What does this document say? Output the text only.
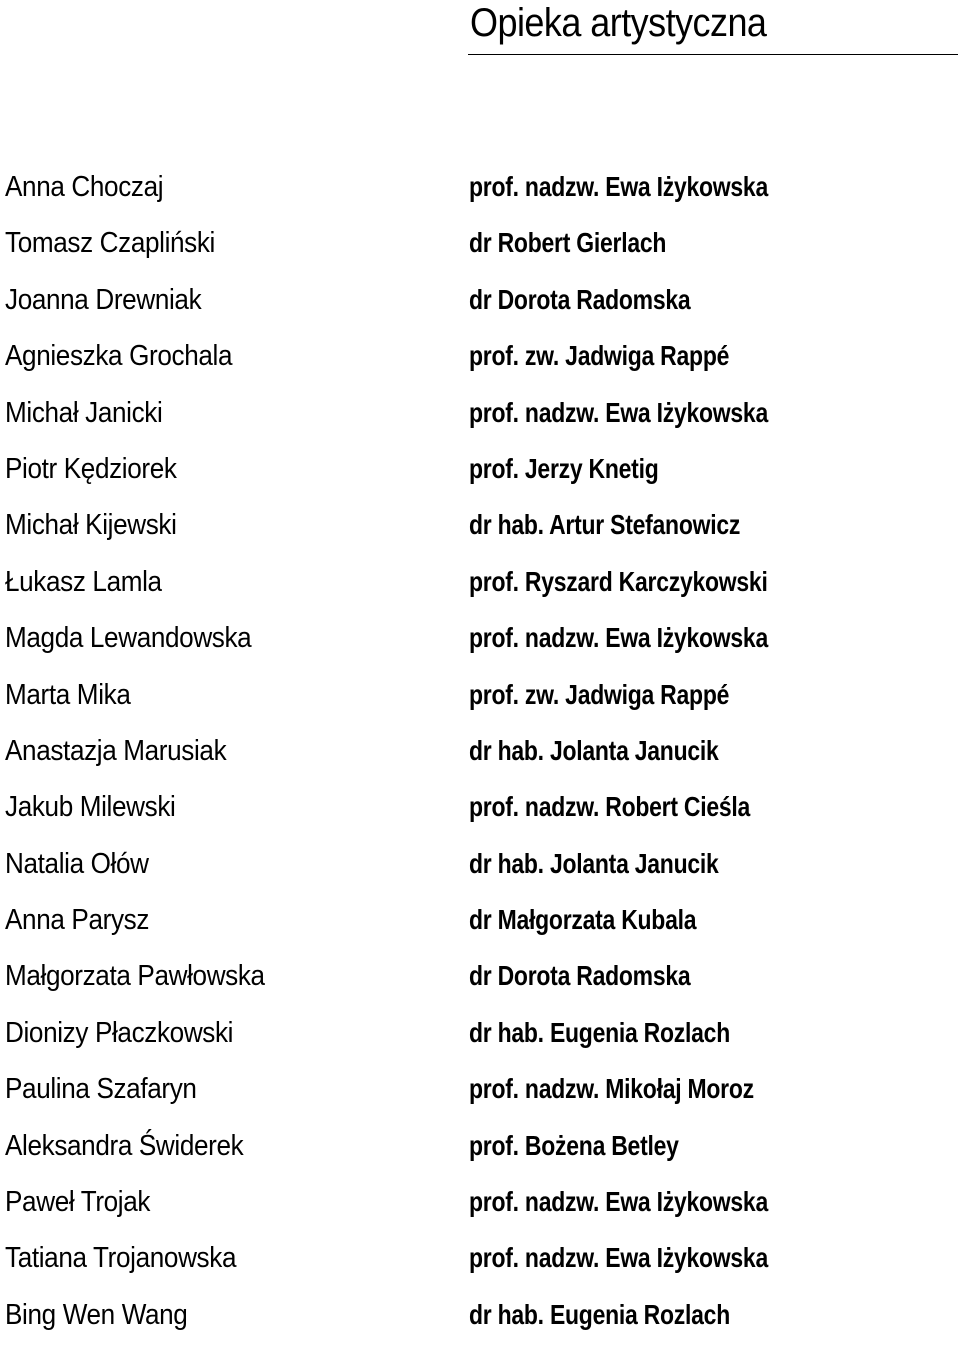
Opieka artystyczna
Anna Choczaj	prof. nadzw. Ewa Iżykowska
Tomasz Czapliński	dr Robert Gierlach
Joanna Drewniak	dr Dorota Radomska
Agnieszka Grochala	prof. zw. Jadwiga Rappé
Michał Janicki	prof. nadzw. Ewa Iżykowska
Piotr Kędziorek	prof. Jerzy Knetig
Michał Kijewski	dr hab. Artur Stefanowicz
Łukasz Lamla	prof. Ryszard Karczykowski
Magda Lewandowska	prof. nadzw. Ewa Iżykowska
Marta Mika	prof. zw. Jadwiga Rappé
Anastazja Marusiak	dr hab. Jolanta Janucik
Jakub Milewski	prof. nadzw. Robert Cieśla
Natalia Ołów	dr hab. Jolanta Janucik
Anna Parysz	dr Małgorzata Kubala
Małgorzata Pawłowska	dr Dorota Radomska
Dionizy Płaczkowski	dr hab. Eugenia Rozlach
Paulina Szafaryn	prof. nadzw. Mikołaj Moroz
Aleksandra Świderek	prof. Bożena Betley
Paweł Trojak	prof. nadzw. Ewa Iżykowska
Tatiana Trojanowska	prof. nadzw. Ewa Iżykowska
Bing Wen Wang	dr hab. Eugenia Rozlach
